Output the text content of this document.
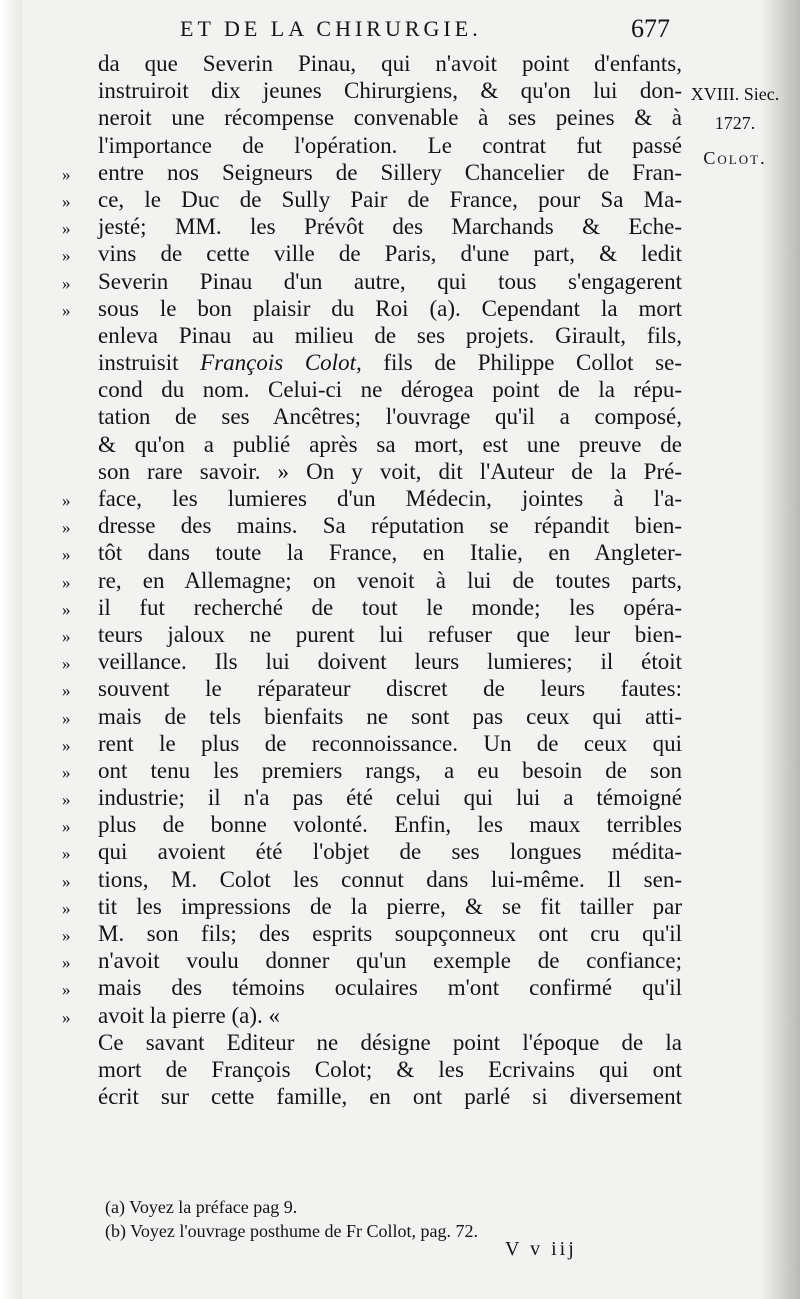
ET DE LA CHIRURGIE.	677
XVIII. Siec.
1727.
Colot.
da que Severin Pinau, qui n'avoit point d'enfants,
instruiroit dix jeunes Chirurgiens, & qu'on lui don-
neroit une récompense convenable à ses peines & à
l'importance de l'opération. Le contrat fut passé
»	entre nos Seigneurs de Sillery Chancelier de Fran-
»	ce, le Duc de Sully Pair de France, pour Sa Ma-
»	jesté; MM. les Prévôt des Marchands & Eche-
»	vins de cette ville de Paris, d'une part, & ledit
»	Severin Pinau d'un autre, qui tous s'engagerent
»	sous le bon plaisir du Roi (a). Cependant la mort
enleva Pinau au milieu de ses projets. Girault, fils,
instruisit François Colot, fils de Philippe Collot se-
cond du nom. Celui-ci ne dérogea point de la répu-
tation de ses Ancêtres; l'ouvrage qu'il a composé,
& qu'on a publié après sa mort, est une preuve de
son rare savoir. » On y voit, dit l'Auteur de la Pré-
»	face, les lumieres d'un Médecin, jointes à l'a-
»	dresse des mains. Sa réputation se répandit bien-
»	tôt dans toute la France, en Italie, en Angleter-
»	re, en Allemagne; on venoit à lui de toutes parts,
»	il fut recherché de tout le monde; les opéra-
»	teurs jaloux ne purent lui refuser que leur bien-
»	veillance. Ils lui doivent leurs lumieres; il étoit
»	souvent le réparateur discret de leurs fautes:
»	mais de tels bienfaits ne sont pas ceux qui atti-
»	rent le plus de reconnoissance. Un de ceux qui
»	ont tenu les premiers rangs, a eu besoin de son
»	industrie; il n'a pas été celui qui lui a témoigné
»	plus de bonne volonté. Enfin, les maux terribles
»	qui avoient été l'objet de ses longues médita-
»	tions, M. Colot les connut dans lui-même. Il sen-
»	tit les impressions de la pierre, & se fit tailler par
»	M. son fils; des esprits soupçonneux ont cru qu'il
»	n'avoit voulu donner qu'un exemple de confiance;
»	mais des témoins oculaires m'ont confirmé qu'il
»	avoit la pierre (a). «
Ce savant Editeur ne désigne point l'époque de la
mort de François Colot; & les Ecrivains qui ont
écrit sur cette famille, en ont parlé si diversement
(a) Voyez la préface pag 9.
(b) Voyez l'ouvrage posthume de Fr Collot, pag. 72.
V v iij
